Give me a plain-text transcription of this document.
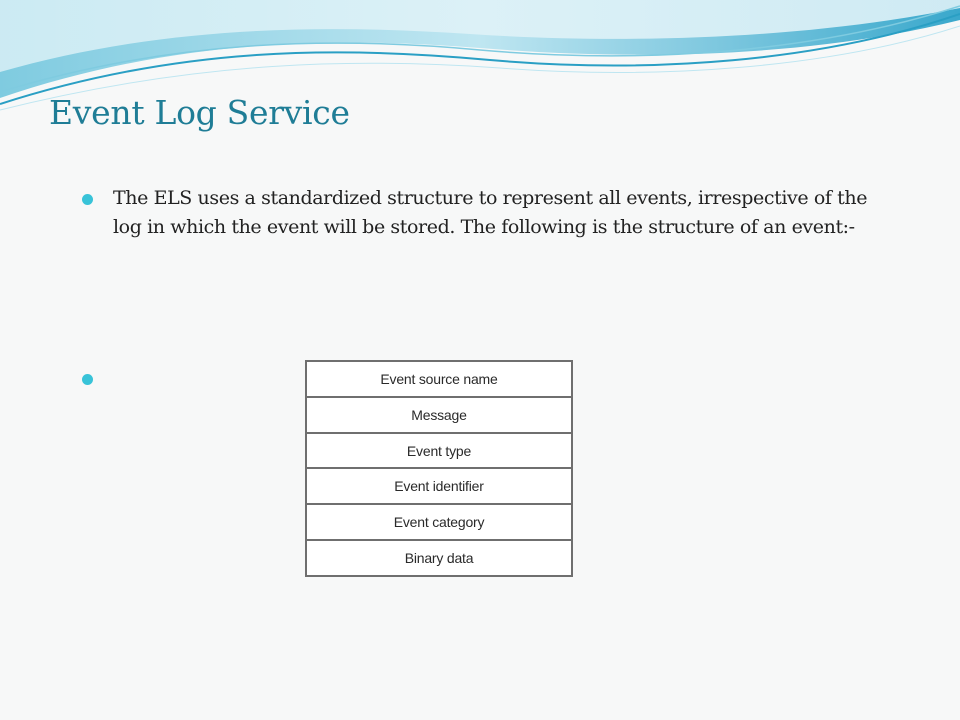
Event Log Service

The ELS uses a standardized structure to represent all events, irrespective of the log in which the event will be stored. The following is the structure of an event:-

Event source name
Message
Event type
Event identifier
Event category
Binary data
